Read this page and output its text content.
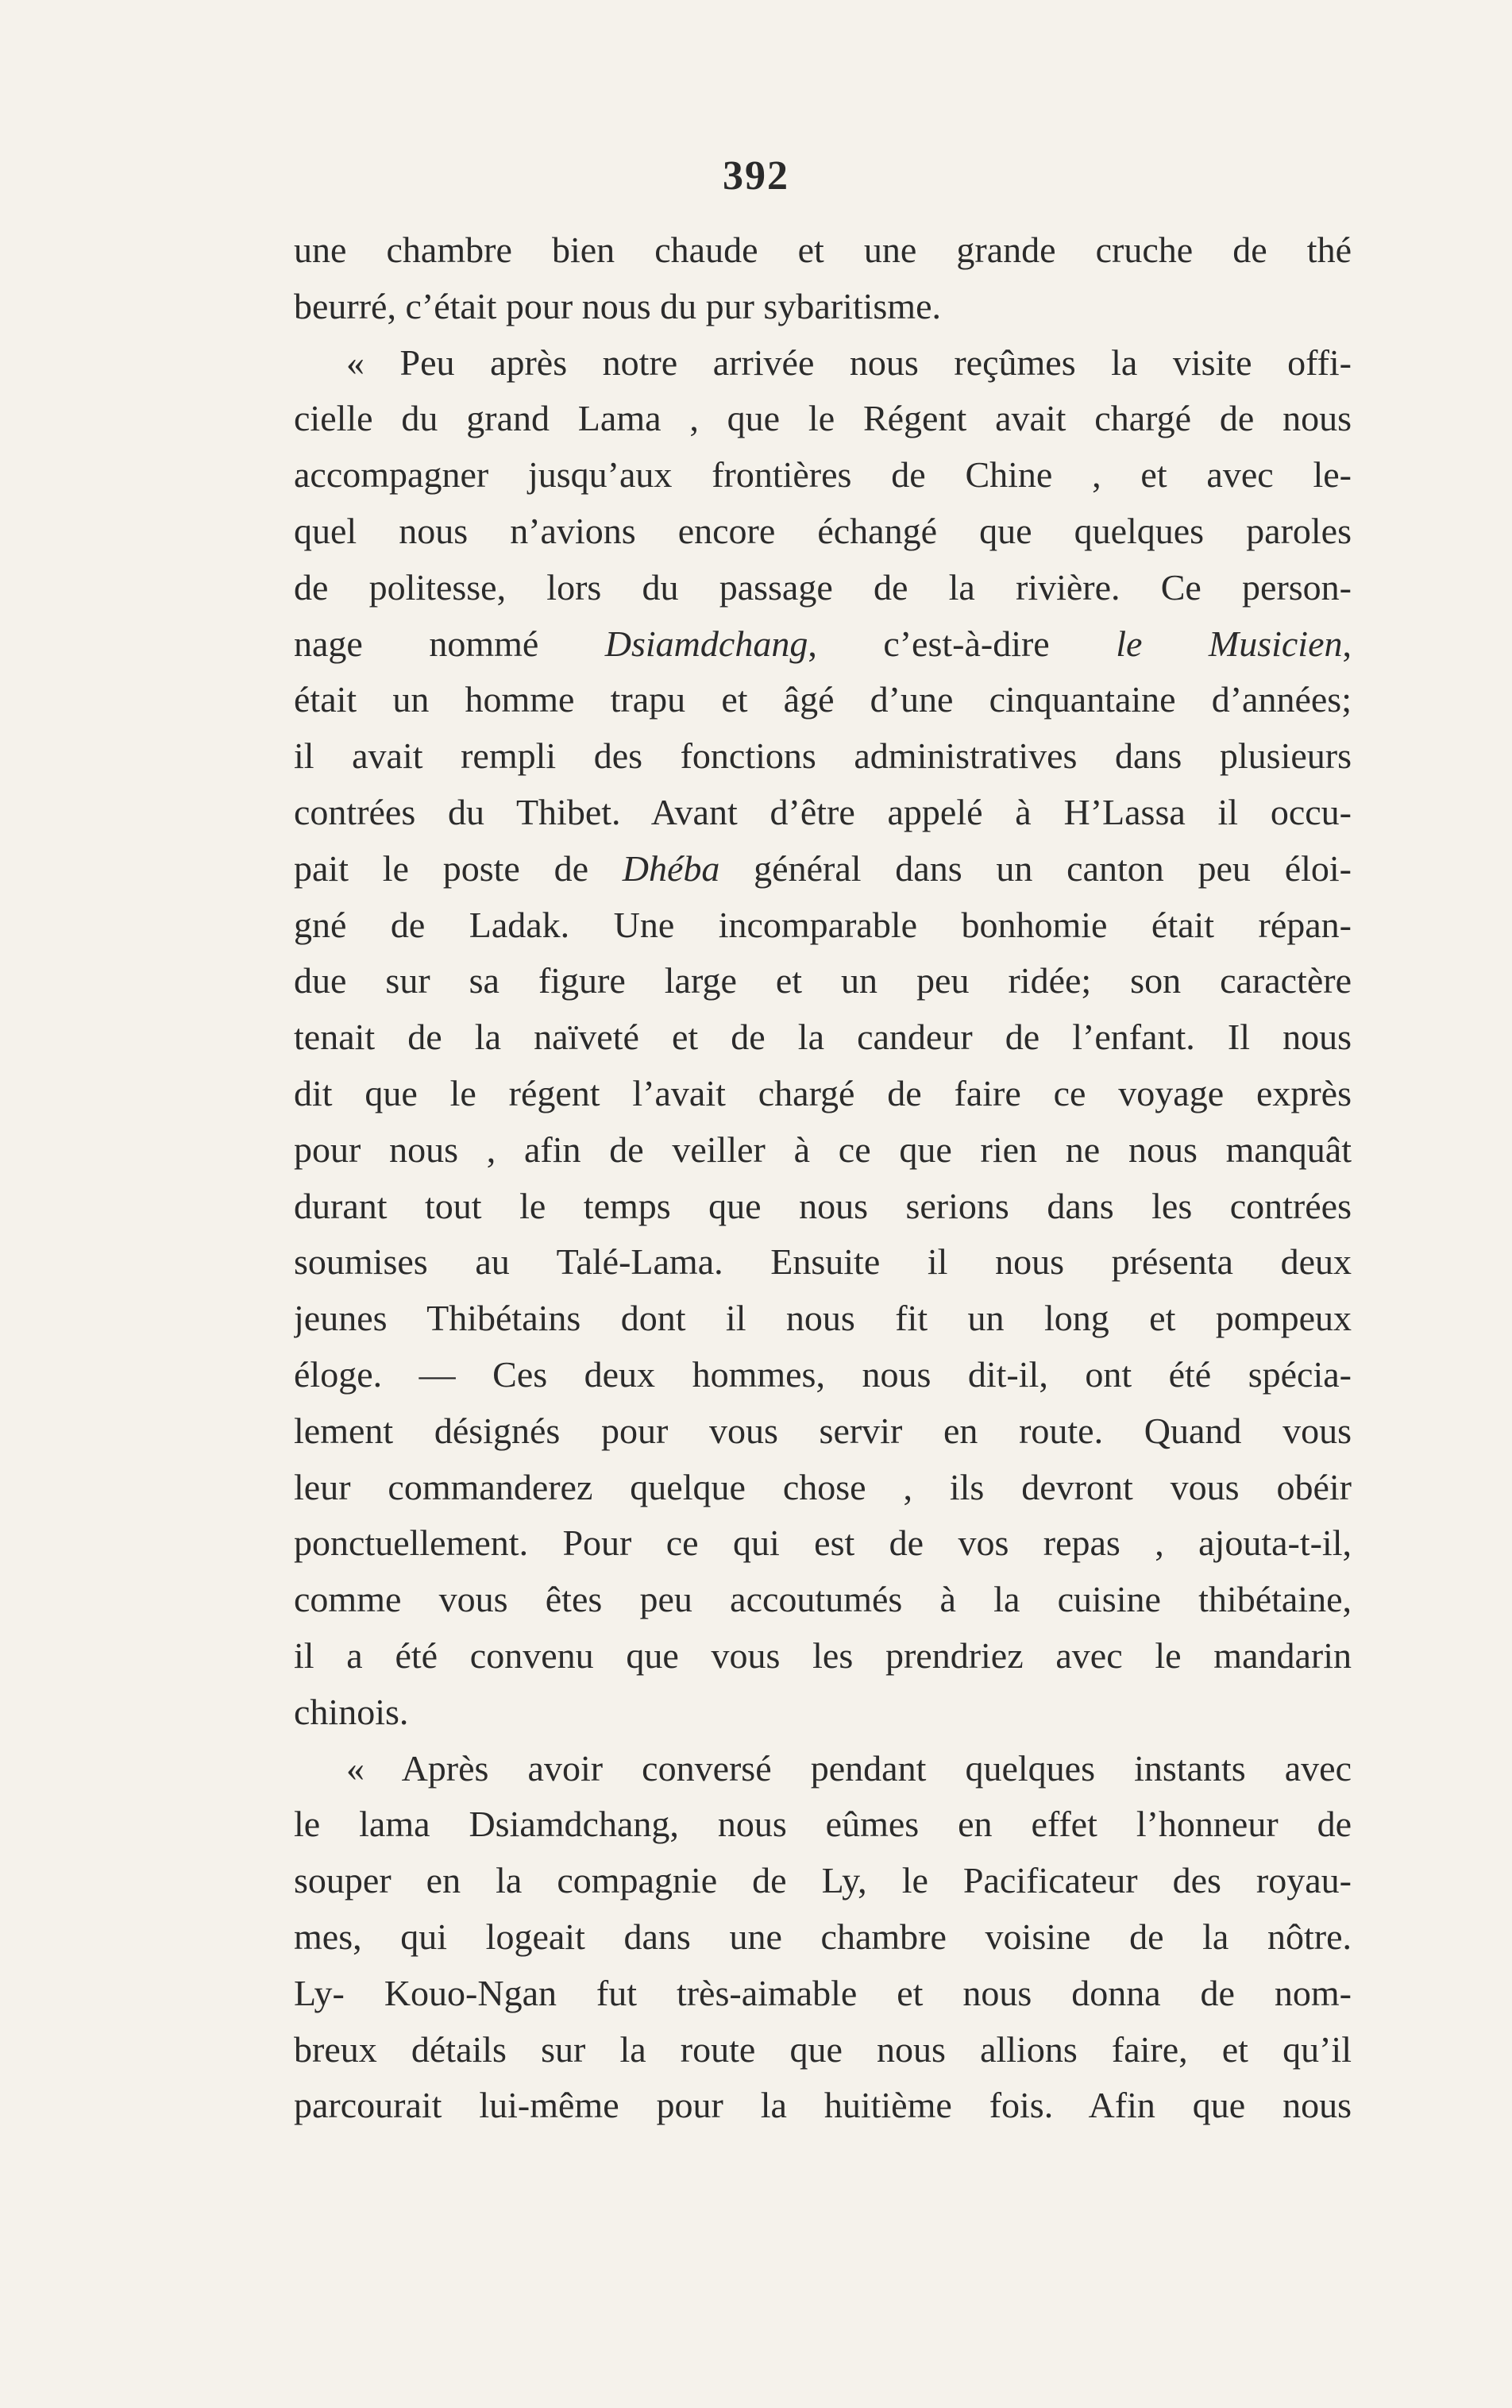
392
une chambre bien chaude et une grande cruche de thé
beurré, c’était pour nous du pur sybaritisme.
« Peu après notre arrivée nous reçûmes la visite offi-
cielle du grand Lama , que le Régent avait chargé de nous
accompagner jusqu’aux frontières de Chine , et avec le-
quel nous n’avions encore échangé que quelques paroles
de politesse, lors du passage de la rivière. Ce person-
nage nommé Dsiamdchang, c’est-à-dire le Musicien,
était un homme trapu et âgé d’une cinquantaine d’années;
il avait rempli des fonctions administratives dans plusieurs
contrées du Thibet. Avant d’être appelé à H’Lassa il occu-
pait le poste de Dhéba général dans un canton peu éloi-
gné de Ladak. Une incomparable bonhomie était répan-
due sur sa figure large et un peu ridée; son caractère
tenait de la naïveté et de la candeur de l’enfant. Il nous
dit que le régent l’avait chargé de faire ce voyage exprès
pour nous , afin de veiller à ce que rien ne nous manquât
durant tout le temps que nous serions dans les contrées
soumises au Talé-Lama. Ensuite il nous présenta deux
jeunes Thibétains dont il nous fit un long et pompeux
éloge. — Ces deux hommes, nous dit-il, ont été spécia-
lement désignés pour vous servir en route. Quand vous
leur commanderez quelque chose , ils devront vous obéir
ponctuellement. Pour ce qui est de vos repas , ajouta-t-il,
comme vous êtes peu accoutumés à la cuisine thibétaine,
il a été convenu que vous les prendriez avec le mandarin
chinois.
« Après avoir conversé pendant quelques instants avec
le lama Dsiamdchang, nous eûmes en effet l’honneur de
souper en la compagnie de Ly, le Pacificateur des royau-
mes, qui logeait dans une chambre voisine de la nôtre.
Ly- Kouo-Ngan fut très-aimable et nous donna de nom-
breux détails sur la route que nous allions faire, et qu’il
parcourait lui-même pour la huitième fois. Afin que nous
